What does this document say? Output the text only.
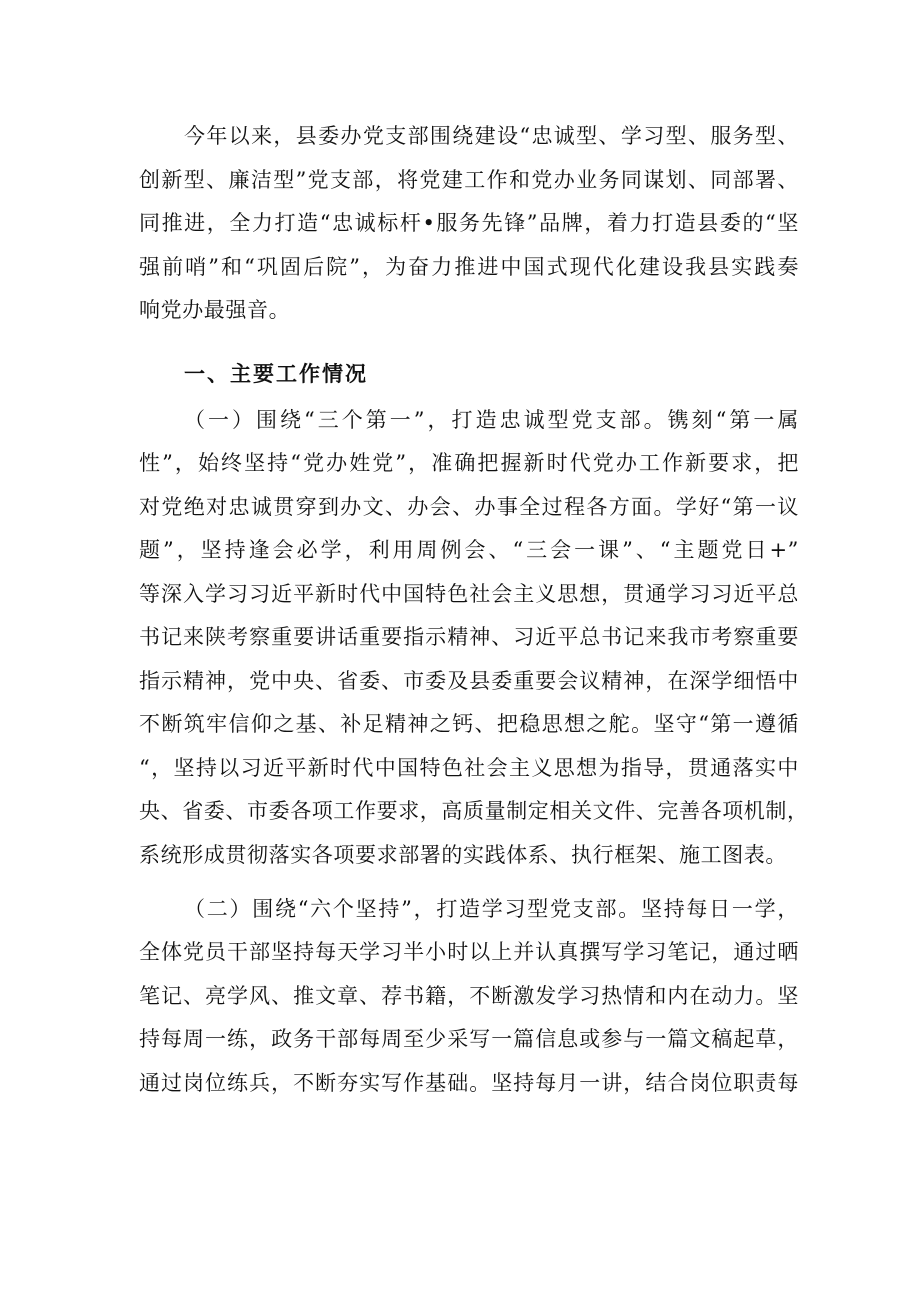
今年以来，县委办党支部围绕建设“忠诚型、学习型、服务型、
创新型、廉洁型”党支部，将党建工作和党办业务同谋划、同部署、
同推进，全力打造“忠诚标杆•服务先锋”品牌，着力打造县委的“坚
强前哨”和“巩固后院”，为奋力推进中国式现代化建设我县实践奏
响党办最强音。
一、主要工作情况
（一）围绕“三个第一”，打造忠诚型党支部。镌刻“第一属
性”，始终坚持“党办姓党”，准确把握新时代党办工作新要求，把
对党绝对忠诚贯穿到办文、办会、办事全过程各方面。学好“第一议
题”，坚持逢会必学，利用周例会、“三会一课”、“主题党日+”
等深入学习习近平新时代中国特色社会主义思想，贯通学习习近平总
书记来陕考察重要讲话重要指示精神、习近平总书记来我市考察重要
指示精神，党中央、省委、市委及县委重要会议精神，在深学细悟中
不断筑牢信仰之基、补足精神之钙、把稳思想之舵。坚守“第一遵循
“，坚持以习近平新时代中国特色社会主义思想为指导，贯通落实中
央、省委、市委各项工作要求，高质量制定相关文件、完善各项机制，
系统形成贯彻落实各项要求部署的实践体系、执行框架、施工图表。
（二）围绕“六个坚持”，打造学习型党支部。坚持每日一学，
全体党员干部坚持每天学习半小时以上并认真撰写学习笔记，通过晒
笔记、亮学风、推文章、荐书籍，不断激发学习热情和内在动力。坚
持每周一练，政务干部每周至少采写一篇信息或参与一篇文稿起草，
通过岗位练兵，不断夯实写作基础。坚持每月一讲，结合岗位职责每
